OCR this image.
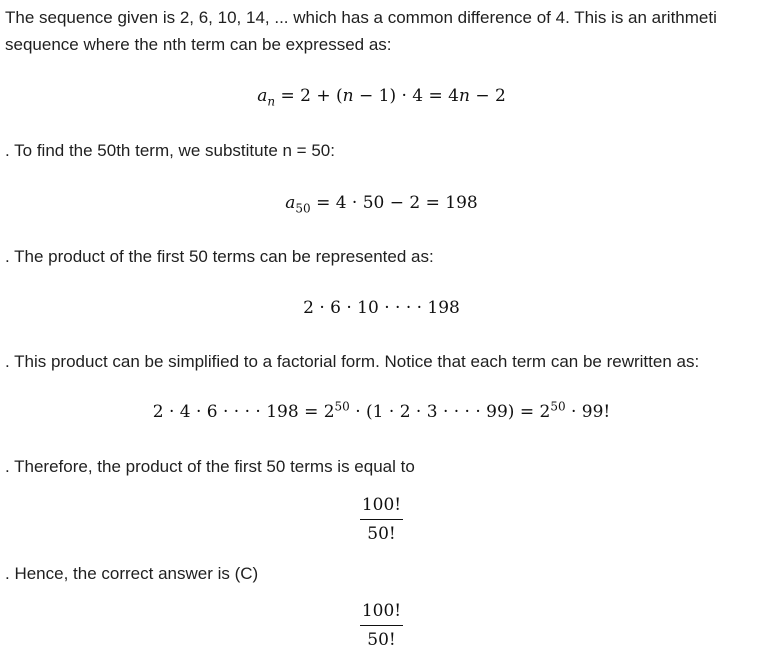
The sequence given is 2, 6, 10, 14, ... which has a common difference of 4. This is an arithmeti
sequence where the nth term can be expressed as:
$a_n = 2 + (n - 1) \cdot 4 = 4n - 2$
. To find the 50th term, we substitute n = 50:
$a_{50} = 4 \cdot 50 - 2 = 198$
. The product of the first 50 terms can be represented as:
2 · 6 · 10 · · · · 198
. This product can be simplified to a factorial form. Notice that each term can be rewritten as:
2 · 4 · 6 · · · · $198 = 2^{50} \cdot (1 \cdot 2 \cdot 3$ · · · · $99) = 2^{50} \cdot 99$!
. Therefore, the product of the first 50 terms is equal to
$\frac{100!}{50!}$
. Hence, the correct answer is (C)
$\frac{100!}{50!}$
